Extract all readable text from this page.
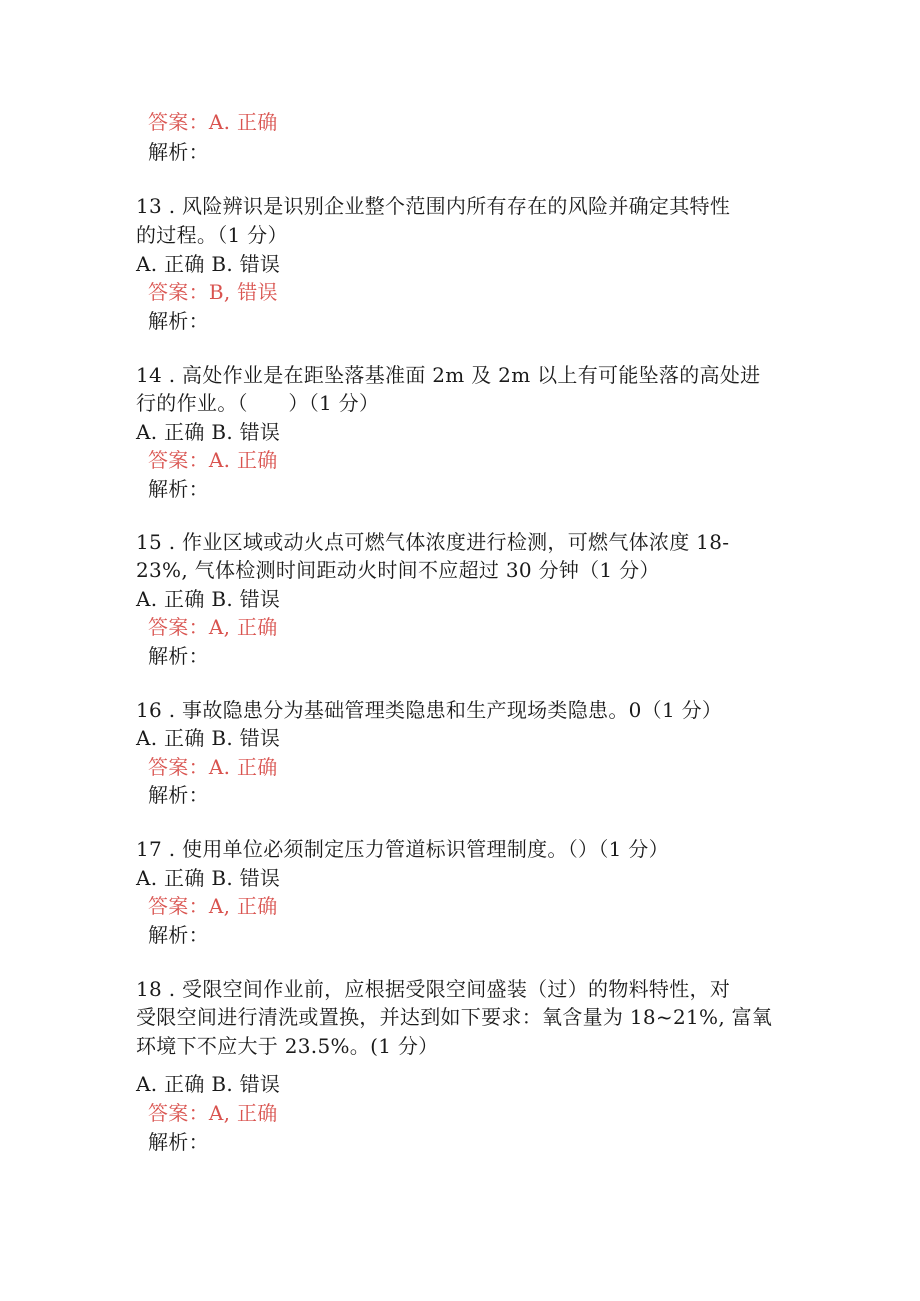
答案：A. 正确
解析：
13 . 风险辨识是识别企业整个范围内所有存在的风险并确定其特性
的过程。（1 分）
A. 正确 B. 错误
答案：B, 错误
解析：
14 . 高处作业是在距坠落基准面 2m 及 2m 以上有可能坠落的高处进
行的作业。（　　）（1 分）
A. 正确 B. 错误
答案：A. 正确
解析：
15 . 作业区域或动火点可燃气体浓度进行检测，可燃气体浓度 18-
23%, 气体检测时间距动火时间不应超过 30 分钟（1 分）
A. 正确 B. 错误
答案：A, 正确
解析：
16 . 事故隐患分为基础管理类隐患和生产现场类隐患。0（1 分）
A. 正确 B. 错误
答案：A. 正确
解析：
17 . 使用单位必须制定压力管道标识管理制度。（）（1 分）
A. 正确 B. 错误
答案：A, 正确
解析：
18 . 受限空间作业前，应根据受限空间盛装（过）的物料特性，对
受限空间进行清洗或置换，并达到如下要求：氧含量为 18~21%, 富氧
环境下不应大于 23.5%。(1 分）
A. 正确 B. 错误
答案：A, 正确
解析：
